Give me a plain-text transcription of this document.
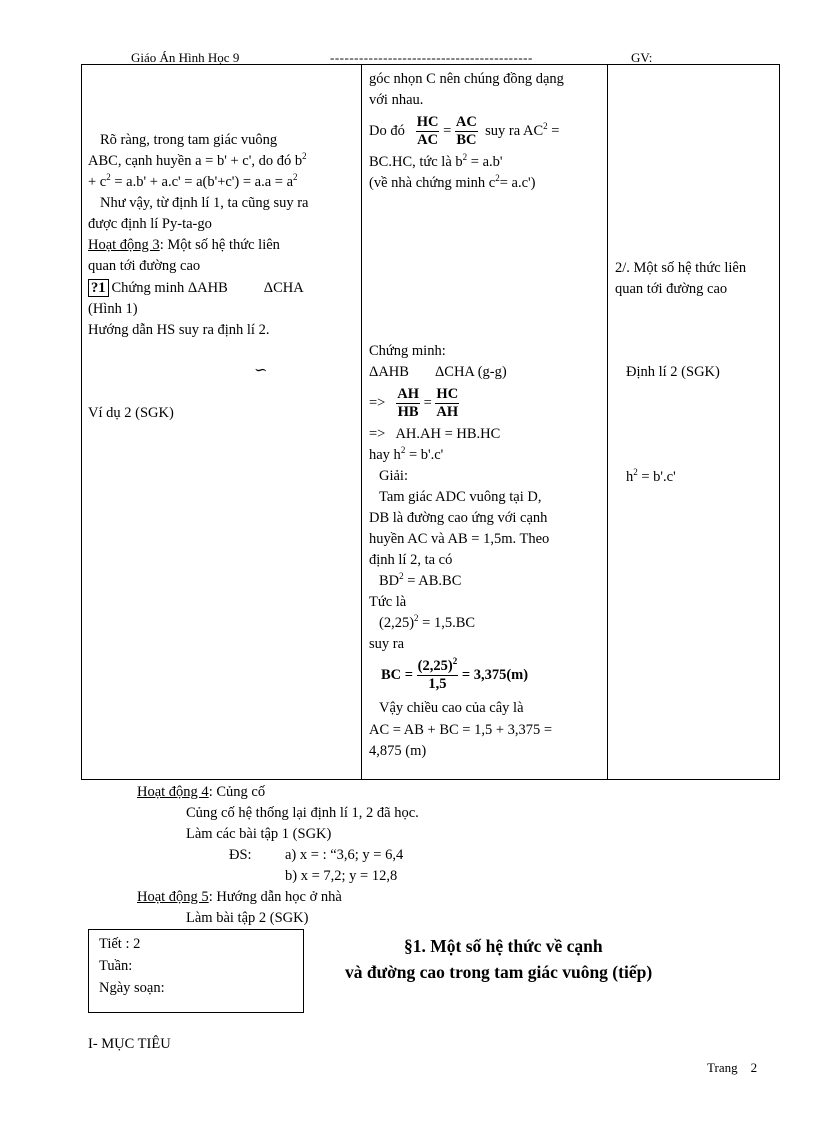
Giáo Án Hình Học 9	------------------------------------------	GV:
Rõ ràng, trong tam giác vuông
ABC, cạnh huyền a = b' + c', do đó $b^2$
+ $c^2 = a.b' + a.c' = a(b'+c') = a.a = a^2$
Như vậy, từ định lí 1, ta cũng suy ra
được định lí Py-ta-go
Hoạt động 3: Một số hệ thức liên
quan tới đường cao
?1 Chứng minh ΔAHB ΔCHA
(Hình 1)
Hướng dẫn HS suy ra định lí 2.
∽
Ví dụ 2 (SGK)
góc nhọn C nên chúng đồng dạng
với nhau.
Do đó $\frac{HC}{AC} = \frac{AC}{BC}$ suy ra $AC^2$ =
BC.HC, tức là $b^2 = a.b'$
(về nhà chứng minh $c^2= a.c'$)
Chứng minh:
ΔAHB ΔCHA (g-g)
=> $\frac{AH}{HB} = \frac{HC}{AH}$
=> AH.AH = HB.HC
hay $h^2 = b'.c'$
Giải:
Tam giác ADC vuông tại D,
DB là đường cao ứng với cạnh
huyền AC và AB = 1,5m. Theo
định lí 2, ta có
$BD^2 = AB.BC$
Tức là
$(2,25)^2 = 1,5.BC$
suy ra
BC = $\frac{(2,25)^2}{1,5} = 3,375(m)$
Vậy chiều cao của cây là
AC = AB + BC = 1,5 + 3,375 =
4,875 (m)
2/. Một số hệ thức liên
quan tới đường cao
Định lí 2 (SGK)
$h^2 = b'.c'$
Hoạt động 4: Củng cố
Củng cố hệ thống lại định lí 1, 2 đã học.
Làm các bài tập 1 (SGK)
ĐS: a) x = : “3,6; y = 6,4
b) x = 7,2; y = 12,8
Hoạt động 5: Hướng dẫn học ở nhà
Làm bài tập 2 (SGK)
Tiết : 2
Tuần:
Ngày soạn:
§1. Một số hệ thức về cạnh
và đường cao trong tam giác vuông (tiếp)
I- MỤC TIÊU
Trang 2
